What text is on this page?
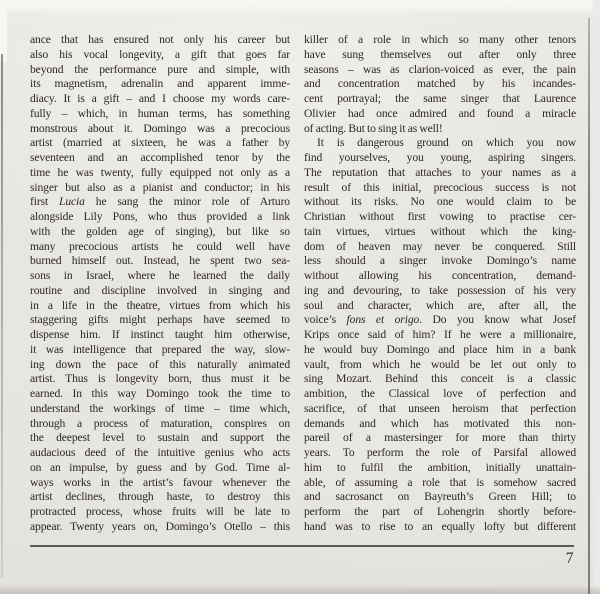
ance that has ensured not only his career but
also his vocal longevity, a gift that goes far
beyond the performance pure and simple, with
its magnetism, adrenalin and apparent imme-
diacy. It is a gift – and I choose my words care-
fully – which, in human terms, has something
monstrous about it. Domingo was a precocious
artist (married at sixteen, he was a father by
seventeen and an accomplished tenor by the
time he was twenty, fully equipped not only as a
singer but also as a pianist and conductor; in his
first Lucia he sang the minor role of Arturo
alongside Lily Pons, who thus provided a link
with the golden age of singing), but like so
many precocious artists he could well have
burned himself out. Instead, he spent two sea-
sons in Israel, where he learned the daily
routine and discipline involved in singing and
in a life in the theatre, virtues from which his
staggering gifts might perhaps have seemed to
dispense him. If instinct taught him otherwise,
it was intelligence that prepared the way, slow-
ing down the pace of this naturally animated
artist. Thus is longevity born, thus must it be
earned. In this way Domingo took the time to
understand the workings of time – time which,
through a process of maturation, conspires on
the deepest level to sustain and support the
audacious deed of the intuitive genius who acts
on an impulse, by guess and by God. Time al-
ways works in the artist’s favour whenever the
artist declines, through haste, to destroy this
protracted process, whose fruits will be late to
appear. Twenty years on, Domingo’s Otello – this
killer of a role in which so many other tenors
have sung themselves out after only three
seasons – was as clarion-voiced as ever, the pain
and concentration matched by his incandes-
cent portrayal; the same singer that Laurence
Olivier had once admired and found a miracle
of acting. But to sing it as well!
It is dangerous ground on which you now
find yourselves, you young, aspiring singers.
The reputation that attaches to your names as a
result of this initial, precocious success is not
without its risks. No one would claim to be
Christian without first vowing to practise cer-
tain virtues, virtues without which the king-
dom of heaven may never be conquered. Still
less should a singer invoke Domingo’s name
without allowing his concentration, demand-
ing and devouring, to take possession of his very
soul and character, which are, after all, the
voice’s fons et origo. Do you know what Josef
Krips once said of him? If he were a millionaire,
he would buy Domingo and place him in a bank
vault, from which he would be let out only to
sing Mozart. Behind this conceit is a classic
ambition, the Classical love of perfection and
sacrifice, of that unseen heroism that perfection
demands and which has motivated this non-
pareil of a mastersinger for more than thirty
years. To perform the role of Parsifal allowed
him to fulfil the ambition, initially unattain-
able, of assuming a role that is somehow sacred
and sacrosanct on Bayreuth’s Green Hill; to
perform the part of Lohengrin shortly before-
hand was to rise to an equally lofty but different
7
